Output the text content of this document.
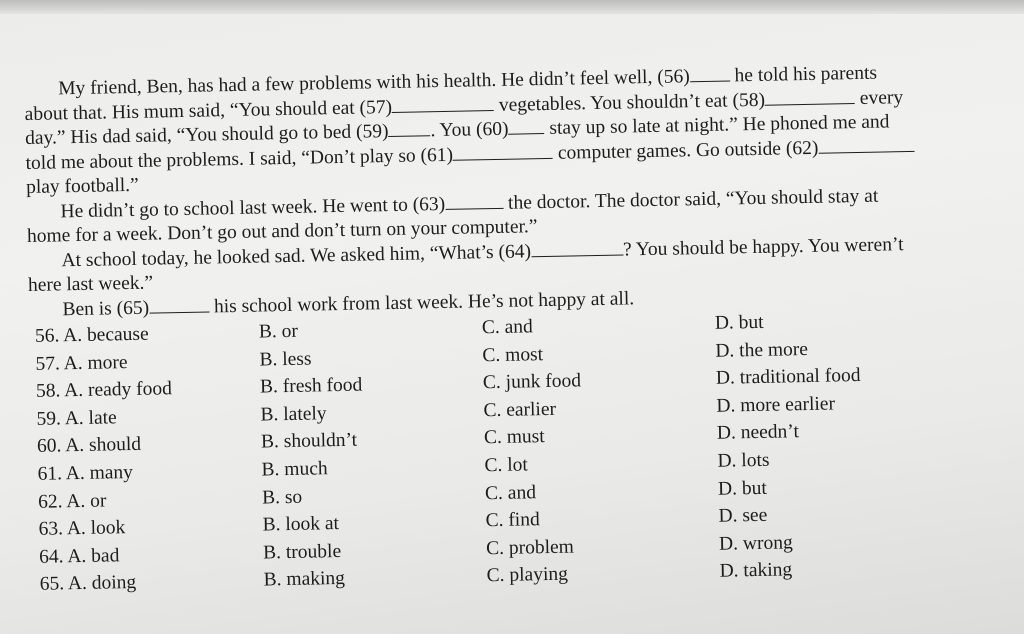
My friend, Ben, has had a few problems with his health. He didn’t feel well, (56) he told his parents
about that. His mum said, “You should eat (57)	vegetables. You shouldn’t eat (58)	every
day.” His dad said, “You should go to bed (59) . You (60) stay up so late at night.” He phoned me and
told me about the problems. I said, “Don’t play so (61)	computer games. Go outside (62)
play football.”
He didn’t go to school last week. He went to (63)	the doctor. The doctor said, “You should stay at
home for a week. Don’t go out and don’t turn on your computer.”
At school today, he looked sad. We asked him, “What’s (64)	? You should be happy. You weren’t
here last week.”
Ben is (65)	his school work from last week. He’s not happy at all.
56. A. because	B. or	C. and	D. but
57. A. more	B. less	C. most	D. the more
58. A. ready food	B. fresh food	C. junk food	D. traditional food
59. A. late	B. lately	C. earlier	D. more earlier
60. A. should	B. shouldn’t	C. must	D. needn’t
61. A. many	B. much	C. lot	D. lots
62. A. or	B. so	C. and	D. but
63. A. look	B. look at	C. find	D. see
64. A. bad	B. trouble	C. problem	D. wrong
65. A. doing	B. making	C. playing	D. taking
